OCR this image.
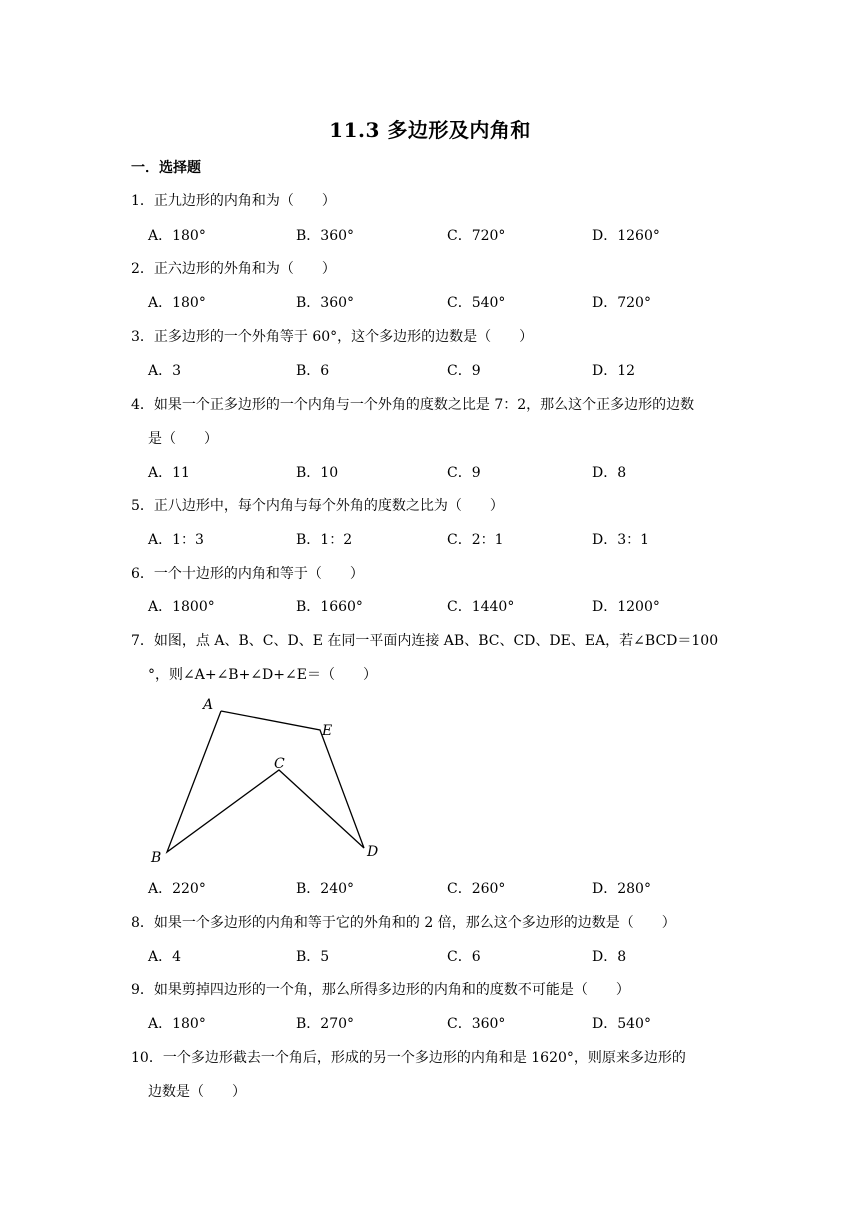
11.3 多边形及内角和
一．选择题
1．正九边形的内角和为（　　）
A．180°	B．360°	C．720°	D．1260°
2．正六边形的外角和为（　　）
A．180°	B．360°	C．540°	D．720°
3．正多边形的一个外角等于 60°，这个多边形的边数是（　　）
A．3	B．6	C．9	D．12
4．如果一个正多边形的一个内角与一个外角的度数之比是 7：2，那么这个正多边形的边数
是（　　）
A．11	B．10	C．9	D．8
5．正八边形中，每个内角与每个外角的度数之比为（　　）
A．1：3	B．1：2	C．2：1	D．3：1
6．一个十边形的内角和等于（　　）
A．1800°	B．1660°	C．1440°	D．1200°
7．如图，点 A、B、C、D、E 在同一平面内连接 AB、BC、CD、DE、EA，若∠BCD＝100
°，则∠A+∠B+∠D+∠E＝（　　）
A
B
C
D
E
A．220°	B．240°	C．260°	D．280°
8．如果一个多边形的内角和等于它的外角和的 2 倍，那么这个多边形的边数是（　　）
A．4	B．5	C．6	D．8
9．如果剪掉四边形的一个角，那么所得多边形的内角和的度数不可能是（　　）
A．180°	B．270°	C．360°	D．540°
10．一个多边形截去一个角后，形成的另一个多边形的内角和是 1620°，则原来多边形的
边数是（　　）
